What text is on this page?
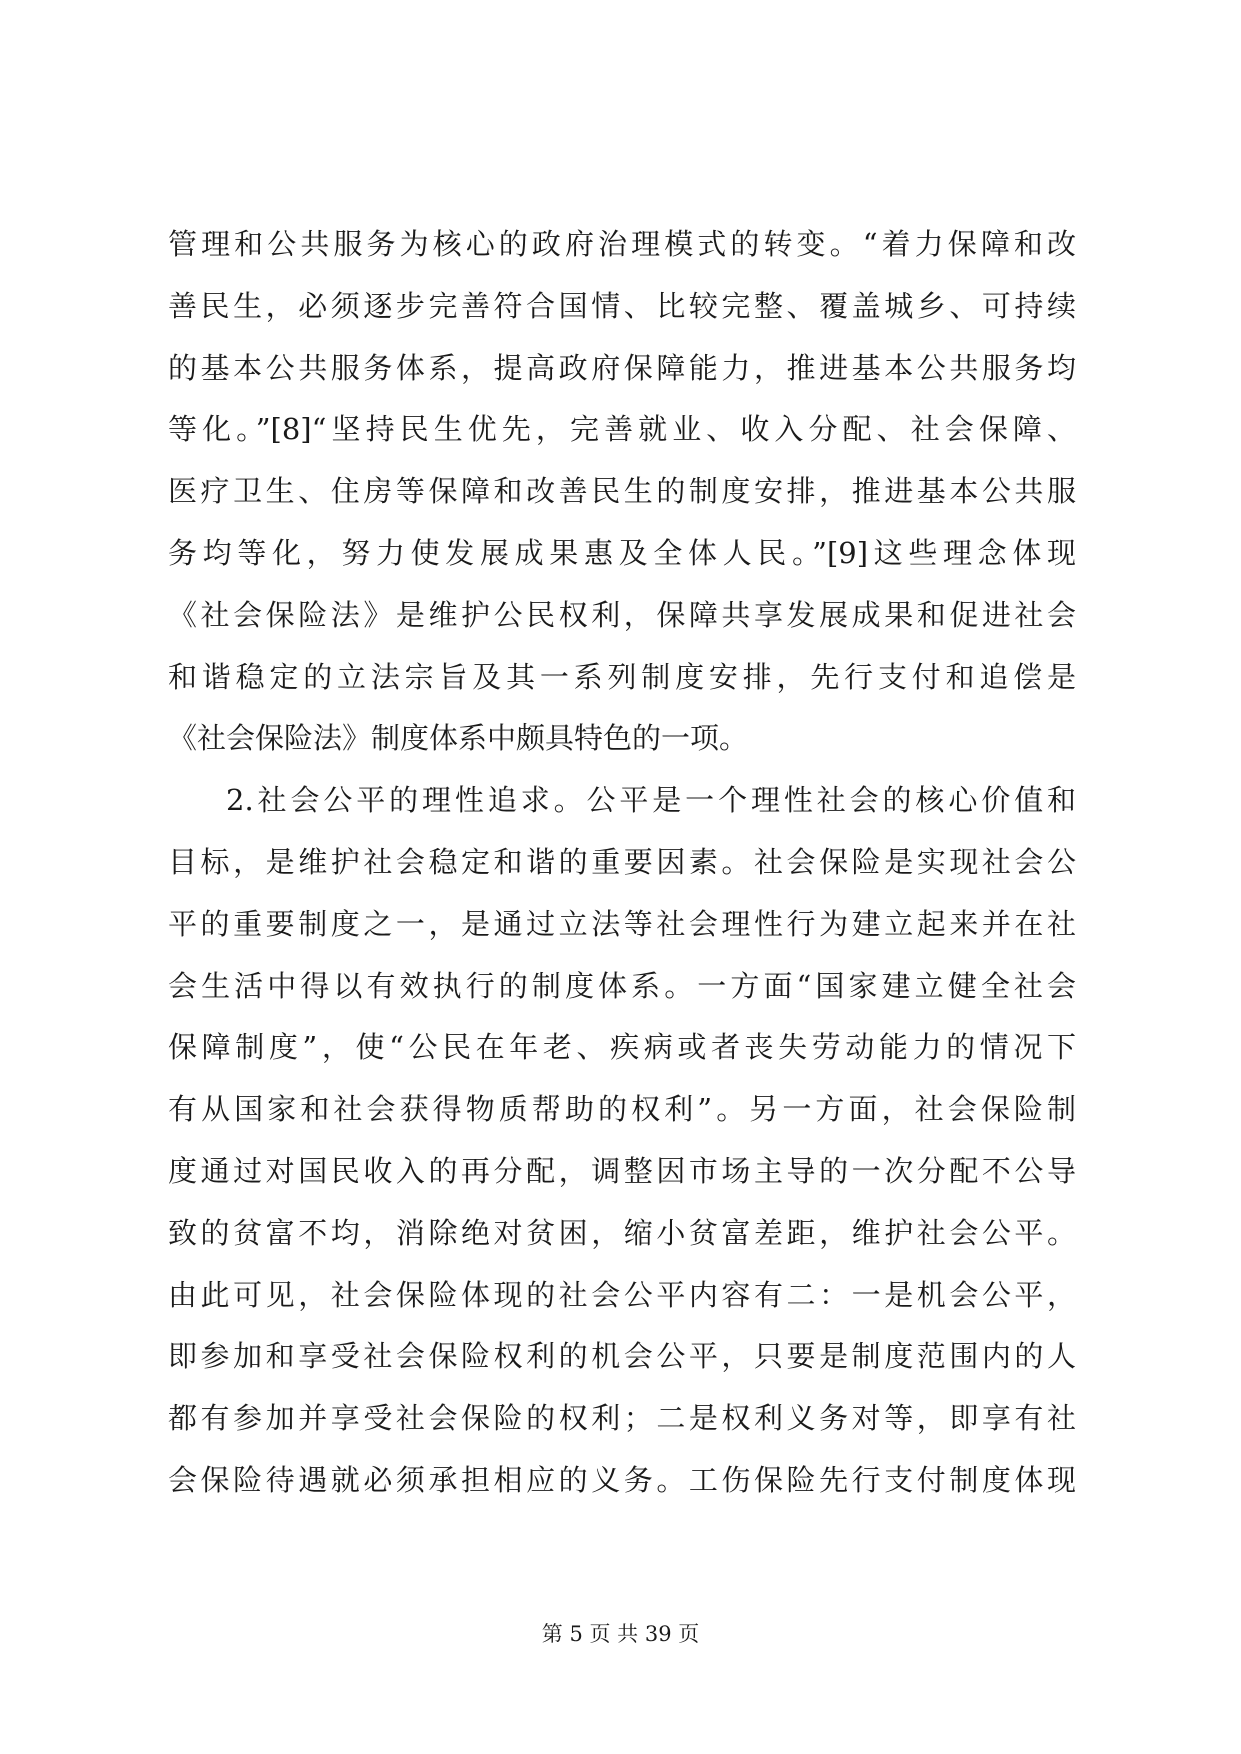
管理和公共服务为核心的政府治理模式的转变。“着力保障和改
善民生，必须逐步完善符合国情、比较完整、覆盖城乡、可持续
的基本公共服务体系，提高政府保障能力，推进基本公共服务均
等化。”[8]“坚持民生优先，完善就业、收入分配、社会保障、
医疗卫生、住房等保障和改善民生的制度安排，推进基本公共服
务均等化，努力使发展成果惠及全体人民。”[9]这些理念体现
《社会保险法》是维护公民权利，保障共享发展成果和促进社会
和谐稳定的立法宗旨及其一系列制度安排，先行支付和追偿是
《社会保险法》制度体系中颇具特色的一项。
2.社会公平的理性追求。公平是一个理性社会的核心价值和
目标，是维护社会稳定和谐的重要因素。社会保险是实现社会公
平的重要制度之一，是通过立法等社会理性行为建立起来并在社
会生活中得以有效执行的制度体系。一方面“国家建立健全社会
保障制度”，使“公民在年老、疾病或者丧失劳动能力的情况下
有从国家和社会获得物质帮助的权利”。另一方面，社会保险制
度通过对国民收入的再分配，调整因市场主导的一次分配不公导
致的贫富不均，消除绝对贫困，缩小贫富差距，维护社会公平。
由此可见，社会保险体现的社会公平内容有二：一是机会公平，
即参加和享受社会保险权利的机会公平，只要是制度范围内的人
都有参加并享受社会保险的权利；二是权利义务对等，即享有社
会保险待遇就必须承担相应的义务。工伤保险先行支付制度体现
第 5 页 共 39 页
